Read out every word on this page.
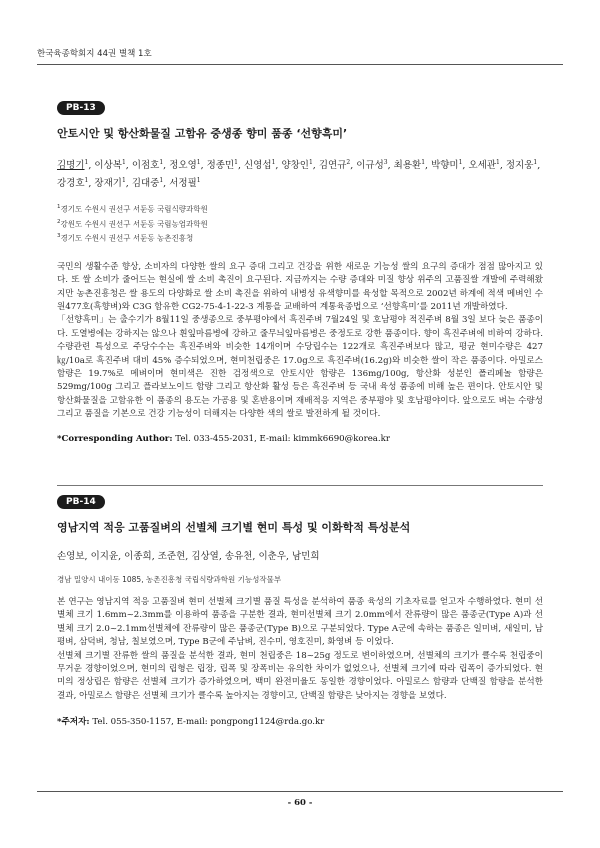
한국육종학회지 44권 별책 1호
PB-13
안토시안 및 항산화물질 고함유 중생종 향미 품종 ‘선향흑미’
김명기$^1$, 이상복$^1$, 이점호$^1$, 정오영$^1$, 정종민$^1$, 신영섭$^1$, 양창인$^1$, 김연규$^2$, 이규성$^3$, 최용환$^1$, 박향미$^1$, 오세관$^1$, 정지웅$^1$, 강경호$^1$, 장재기$^1$, 김대중$^1$, 서정필$^1$
$^1$경기도 수원시 권선구 서둔동 국립식량과학원
$^2$강원도 수원시 권선구 서둔동 국립농업과학원
$^3$경기도 수원시 권선구 서둔동 농촌진흥청

국민의 생활수준 향상, 소비자의 다양한 쌀의 요구 증대 그리고 건강을 위한 새로운 기능성 쌀의 요구의 증대가 점점 많아지고 있다. 또 쌀 소비가 줄어드는 현실에 쌀 소비 촉진이 요구된다. 지금까지는 수량 증대와 미질 향상 위주의 고품질쌀 개발에 주력해왔지만 농촌진흥청은 쌀 용도의 다양화로 쌀 소비 촉진을 위하여 내병성 유색향미를 육성할 목적으로 2002년 하계에 적색 메벼인 수원477호(흑향벼)와 C3G 함유한 CG2-75-4-1-22-3 계통을 교배하여 계통육종법으로 ‘선향흑미’를 2011년 개발하였다.

「선향흑미」는 출수기가 8월11일 중생종으로 중부평야에서 흑진주벼 7월24일 및 호남평야 적진주벼 8월 3일 보다 늦은 품종이다. 도열병에는 강하지는 않으나 흰잎마름병에 강하고 줄무늬잎마름병은 중정도로 강한 품종이다. 향이 흑진주벼에 비하여 강하다. 수량관련 특성으로 주당수수는 흑진주벼와 비슷한 14개이며 수당립수는 122개로 흑진주벼보다 많고, 평균 현미수량은 427㎏/10a로 흑진주벼 대비 45% 증수되었으며, 현미천립중은 17.0g으로 흑진주벼(16.2g)와 비슷한 쌀이 작은 품종이다. 아밀로스 함량은 19.7%로 메벼이며 현미색은 진한 검정색으로 안토시안 함량은 136mg/100g, 항산화 성분인 폴리페놀 함량은 529mg/100g 그리고 플라보노이드 함량 그리고 항산화 활성 등은 흑진주벼 등 국내 육성 품종에 비해 높은 편이다. 안토시안 및 항산화물질을 고함유한 이 품종의 용도는 가공용 및 혼반용이며 재배적응 지역은 중부평야 및 호남평야이다. 앞으로도 벼는 수량성 그리고 품질을 기본으로 건강 기능성이 더해지는 다양한 색의 쌀로 발전하게 될 것이다.

*Corresponding Author: Tel. 033-455-2031, E-mail: kimmk6690@korea.kr
PB-14
영남지역 적응 고품질벼의 선별체 크기별 현미 특성 및 이화학적 특성분석
손영보, 이지윤, 이종희, 조준현, 김상열, 송유천, 이춘우, 남민희
경남 밀양시 내이동 1085, 농촌진흥청 국립식량과학원 기능성작물부

본 연구는 영남지역 적응 고품질벼 현미 선별체 크기별 품질 특성을 분석하여 품종 육성의 기초자료를 얻고자 수행하였다. 현미 선별체 크기 1.6mm~2.3mm를 이용하여 품종을 구분한 결과, 현미선별체 크기 2.0mm에서 잔류량이 많은 품종군(Type A)과 선별체 크기 2.0~2.1mm선별체에 잔류량이 많은 품종군(Type B)으로 구분되었다. Type A군에 속하는 품종은 일미벼, 새일미, 남평벼, 삼덕벼, 청남, 칠보였으며, Type B군에 주남벼, 진수미, 영호진미, 화영벼 등 이었다.

선별체 크기별 잔류한 쌀의 품질을 분석한 결과, 현미 천립중은 18~25g 정도로 변이하였으며, 선별체의 크기가 클수록 천립중이 무거운 경향이었으며, 현미의 립형은 립장, 립폭 및 장폭비는 유의한 차이가 없었으나, 선별체 크기에 따라 립폭이 증가되었다. 현미의 정상립은 함량은 선별체 크기가 증가하였으며, 백미 완전미율도 동일한 경향이었다. 아밀로스 함량과 단백질 함량을 분석한 결과, 아밀로스 함량은 선별체 크기가 클수록 높아지는 경향이고, 단백질 함량은 낮아지는 경향을 보였다.

*주저자: Tel. 055-350-1157, E-mail: pongpong1124@rda.go.kr
- 60 -
